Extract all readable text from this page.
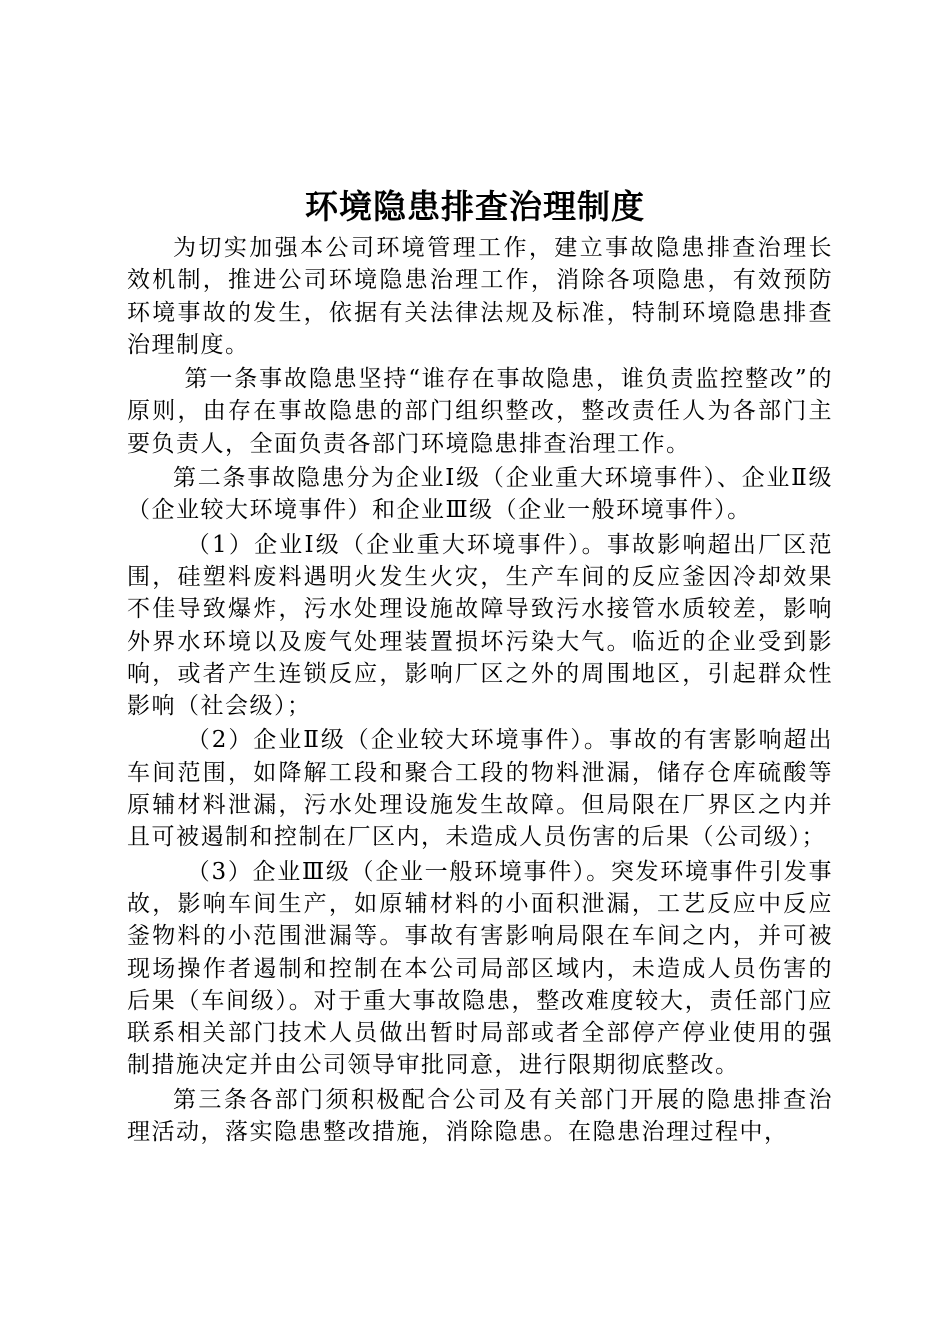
环境隐患排查治理制度

为切实加强本公司环境管理工作，建立事故隐患排查治理长效机制，推进公司环境隐患治理工作，消除各项隐患，有效预防环境事故的发生，依据有关法律法规及标准，特制环境隐患排查治理制度。

第一条事故隐患坚持“谁存在事故隐患，谁负责监控整改”的原则，由存在事故隐患的部门组织整改，整改责任人为各部门主要负责人，全面负责各部门环境隐患排查治理工作。

第二条事故隐患分为企业Ⅰ级（企业重大环境事件）、企业Ⅱ级（企业较大环境事件）和企业Ⅲ级（企业一般环境事件）。

（1）企业Ⅰ级（企业重大环境事件）。事故影响超出厂区范围，硅塑料废料遇明火发生火灾，生产车间的反应釜因冷却效果不佳导致爆炸，污水处理设施故障导致污水接管水质较差，影响外界水环境以及废气处理装置损坏污染大气。临近的企业受到影响，或者产生连锁反应，影响厂区之外的周围地区，引起群众性影响（社会级）；

（2）企业Ⅱ级（企业较大环境事件）。事故的有害影响超出车间范围，如降解工段和聚合工段的物料泄漏，储存仓库硫酸等原辅材料泄漏，污水处理设施发生故障。但局限在厂界区之内并且可被遏制和控制在厂区内，未造成人员伤害的后果（公司级）；

（3）企业Ⅲ级（企业一般环境事件）。突发环境事件引发事故，影响车间生产，如原辅材料的小面积泄漏，工艺反应中反应釜物料的小范围泄漏等。事故有害影响局限在车间之内，并可被现场操作者遏制和控制在本公司局部区域内，未造成人员伤害的后果（车间级）。对于重大事故隐患，整改难度较大，责任部门应联系相关部门技术人员做出暂时局部或者全部停产停业使用的强制措施决定并由公司领导审批同意，进行限期彻底整改。

第三条各部门须积极配合公司及有关部门开展的隐患排查治理活动，落实隐患整改措施，消除隐患。在隐患治理过程中，
